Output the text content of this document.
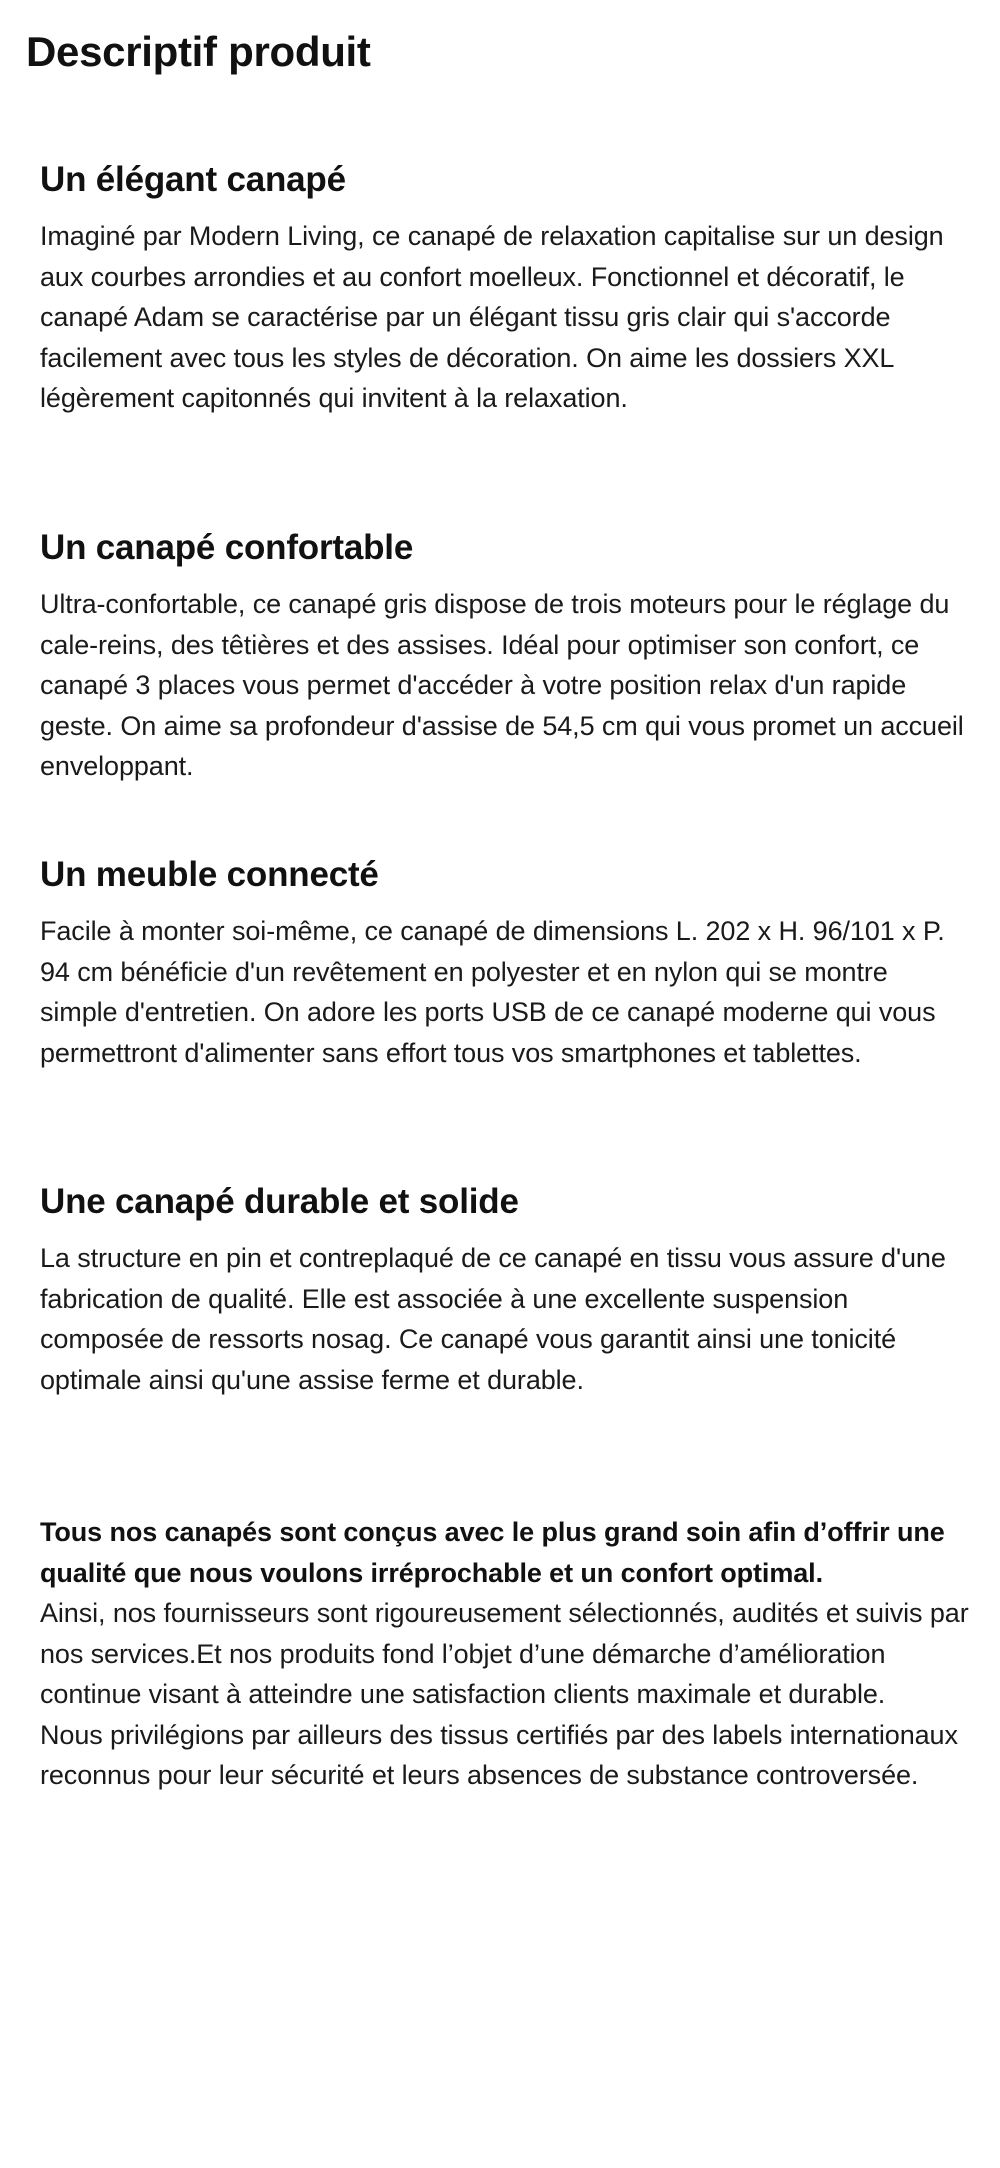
Descriptif produit
Un élégant canapé

Imaginé par Modern Living, ce canapé de relaxation capitalise sur un design aux courbes arrondies et au confort moelleux. Fonctionnel et décoratif, le canapé Adam se caractérise par un élégant tissu gris clair qui s'accorde facilement avec tous les styles de décoration. On aime les dossiers XXL légèrement capitonnés qui invitent à la relaxation.

Un canapé confortable

Ultra-confortable, ce canapé gris dispose de trois moteurs pour le réglage du cale-reins, des têtières et des assises. Idéal pour optimiser son confort, ce canapé 3 places vous permet d'accéder à votre position relax d'un rapide geste. On aime sa profondeur d'assise de 54,5 cm qui vous promet un accueil enveloppant.

Un meuble connecté

Facile à monter soi-même, ce canapé de dimensions L. 202 x H. 96/101 x P. 94 cm bénéficie d'un revêtement en polyester et en nylon qui se montre simple d'entretien. On adore les ports USB de ce canapé moderne qui vous permettront d'alimenter sans effort tous vos smartphones et tablettes.

Une canapé durable et solide

La structure en pin et contreplaqué de ce canapé en tissu vous assure d'une fabrication de qualité. Elle est associée à une excellente suspension composée de ressorts nosag. Ce canapé vous garantit ainsi une tonicité optimale ainsi qu'une assise ferme et durable.

Tous nos canapés sont conçus avec le plus grand soin afin d’offrir une qualité que nous voulons irréprochable et un confort optimal.

Ainsi, nos fournisseurs sont rigoureusement sélectionnés, audités et suivis par nos services.Et nos produits fond l’objet d’une démarche d’amélioration continue visant à atteindre une satisfaction clients maximale et durable.

Nous privilégions par ailleurs des tissus certifiés par des labels internationaux reconnus pour leur sécurité et leurs absences de substance controversée.
